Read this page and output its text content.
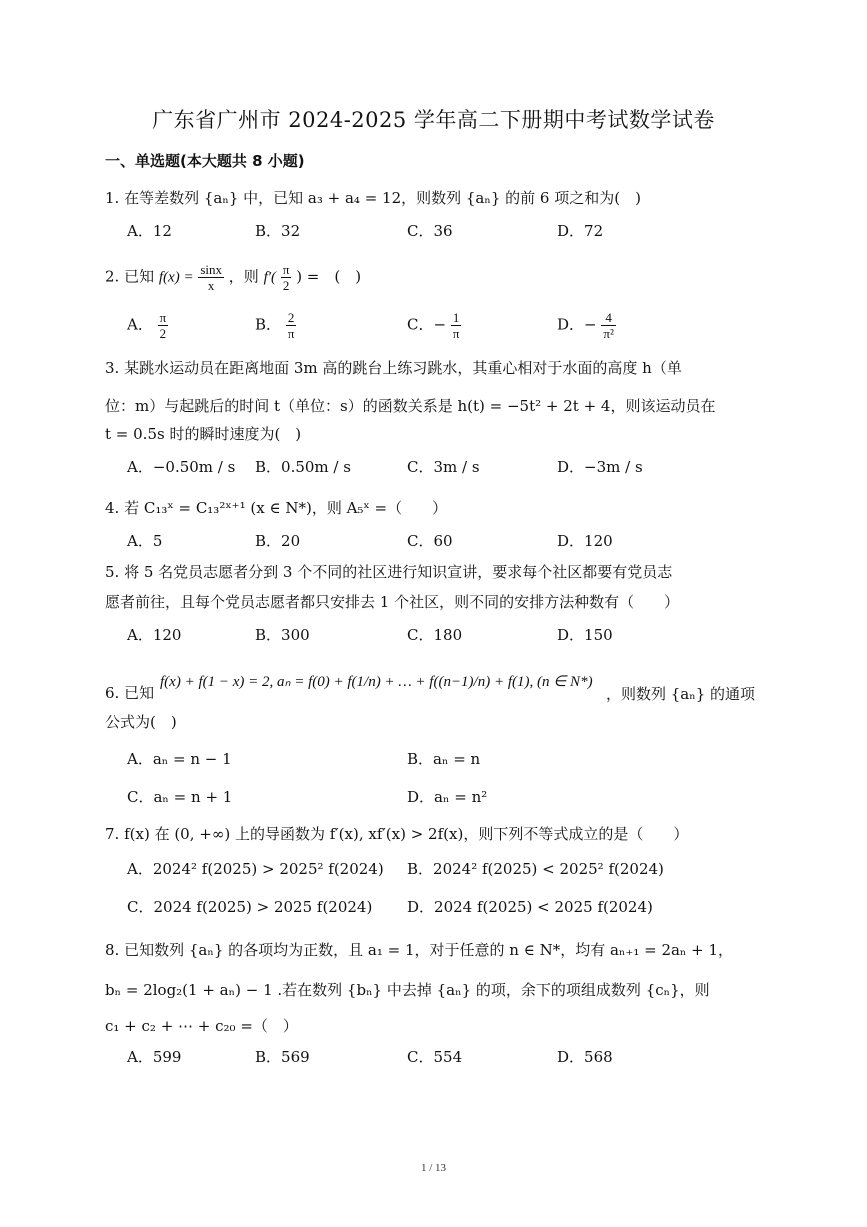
广东省广州市 2024-2025 学年高二下册期中考试数学试卷
一、单选题(本大题共 8 小题)
1. 在等差数列 {aₙ} 中，已知 a₃ + a₄ = 12，则数列 {aₙ} 的前 6 项之和为(　)
A．12	B．32	C．36	D．72
2. 已知 $f(x) = \frac{\sin x}{x}$ ，则 $f'( \frac{\pi}{2}$ ) =　(　)
A． $\frac{\pi}{2}$	B． $\frac{2}{\pi}$	C．− $\frac{1}{\pi}$	D．− $\frac{4}{\text{π²}}$
3. 某跳水运动员在距离地面 3m 高的跳台上练习跳水，其重心相对于水面的高度 h（单
位：m）与起跳后的时间 t（单位：s）的函数关系是 h(t) = −5t² + 2t + 4，则该运动员在
t = 0.5s 时的瞬时速度为(　)
A．−0.50m / s B．0.50m / s	C．3m / s	D．−3m / s
4. 若 C₁₃ˣ = C₁₃²ˣ⁺¹ (x ∈ N*)，则 A₅ˣ =（　　）
A．5	B．20	C．60	D．120
5. 将 5 名党员志愿者分到 3 个不同的社区进行知识宣讲，要求每个社区都要有党员志
愿者前往，且每个党员志愿者都只安排去 1 个社区，则不同的安排方法种数有（　　）
A．120	B．300	C．180	D．150
6. 已知
f(x) + f(1 − x) = 2, aₙ = f(0) + f(1/n) + … + f((n−1)/n) + f(1), (n ∈ N*)
，则数列 {aₙ} 的通项
公式为(　)
A．aₙ = n − 1	B．aₙ = n
C．aₙ = n + 1	D．aₙ = n²
7. f(x) 在 (0, +∞) 上的导函数为 f′(x), xf′(x) > 2f(x)，则下列不等式成立的是（　　）
A．2024² f(2025) > 2025² f(2024) B．2024² f(2025) < 2025² f(2024)
C．2024 f(2025) > 2025 f(2024) D．2024 f(2025) < 2025 f(2024)
8. 已知数列 {aₙ} 的各项均为正数，且 a₁ = 1，对于任意的 n ∈ N*，均有 aₙ₊₁ = 2aₙ + 1，
bₙ = 2log₂(1 + aₙ) − 1 .若在数列 {bₙ} 中去掉 {aₙ} 的项，余下的项组成数列 {cₙ}，则
c₁ + c₂ + ⋯ + c₂₀ =（　）
A．599	B．569	C．554	D．568
1 / 13
